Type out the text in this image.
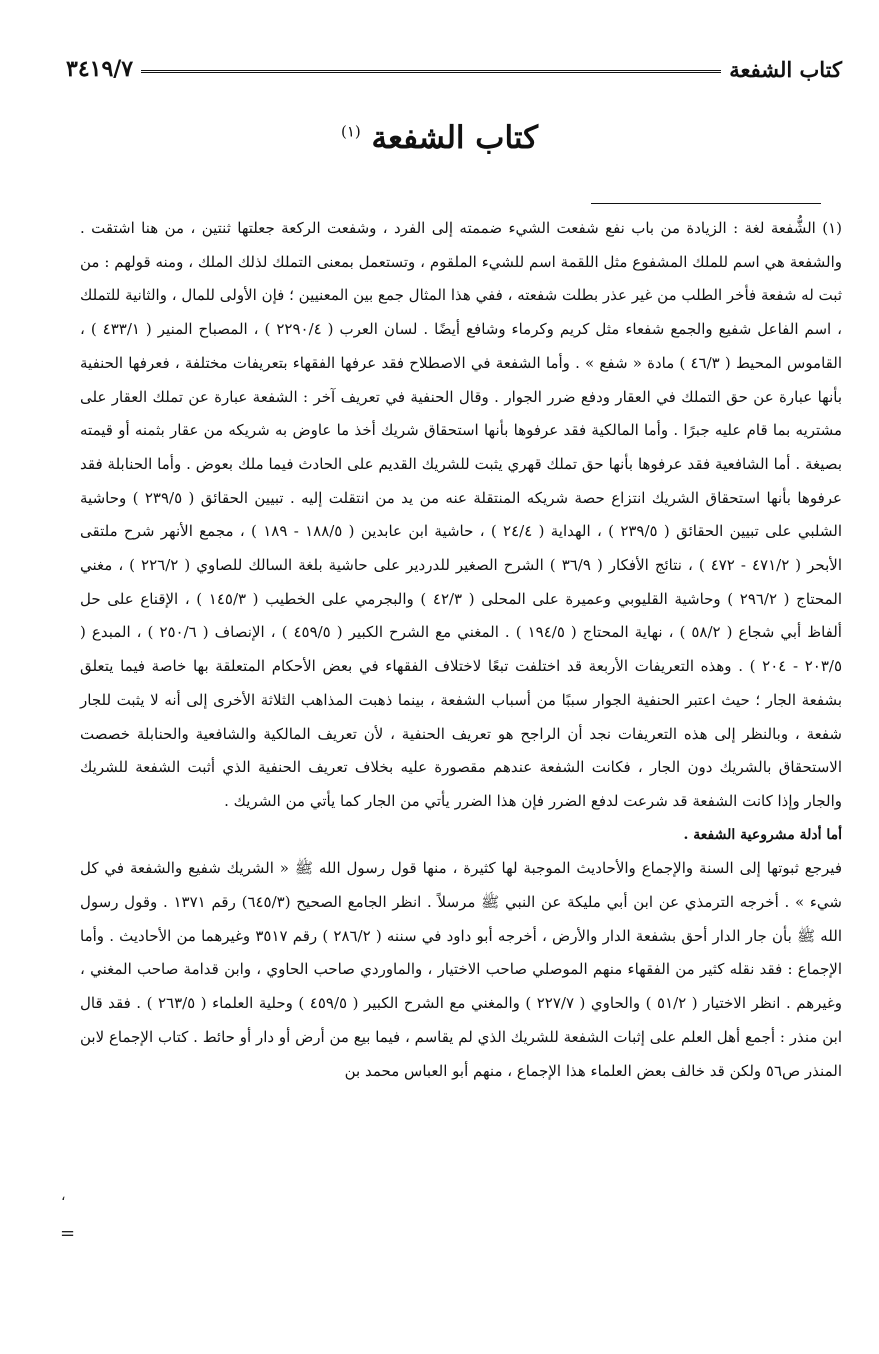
كتاب الشفعة
٣٤١٩/٧
كتاب الشفعة $^{(١)}$

(١) الشُّفعة لغة : الزيادة من باب نفع شفعت الشيء ضممته إلى الفرد ، وشفعت الركعة جعلتها ثنتين ، من هنا اشتقت . والشفعة هي اسم للملك المشفوع مثل اللقمة اسم للشيء الملقوم ، وتستعمل بمعنى التملك لذلك الملك ، ومنه قولهم : من ثبت له شفعة فأخر الطلب من غير عذر بطلت شفعته ، ففي هذا المثال جمع بين المعنيين ؛ فإن الأولى للمال ، والثانية للتملك ، اسم الفاعل شفيع والجمع شفعاء مثل كريم وكرماء وشافع أيضًا . لسان العرب ( ٢٢٩٠/٤ ) ، المصباح المنير ( ٤٣٣/١ ) ، القاموس المحيط ( ٤٦/٣ ) مادة « شفع » . وأما الشفعة في الاصطلاح فقد عرفها الفقهاء بتعريفات مختلفة ، فعرفها الحنفية بأنها عبارة عن حق التملك في العقار ودفع ضرر الجوار . وقال الحنفية في تعريف آخر : الشفعة عبارة عن تملك العقار على مشتريه بما قام عليه جبرًا . وأما المالكية فقد عرفوها بأنها استحقاق شريك أخذ ما عاوض به شريكه من عقار بثمنه أو قيمته بصيغة . أما الشافعية فقد عرفوها بأنها حق تملك قهري يثبت للشريك القديم على الحادث فيما ملك بعوض . وأما الحنابلة فقد عرفوها بأنها استحقاق الشريك انتزاع حصة شريكه المنتقلة عنه من يد من انتقلت إليه . تبيين الحقائق ( ٢٣٩/٥ ) وحاشية الشلبي على تبيين الحقائق ( ٢٣٩/٥ ) ، الهداية ( ٢٤/٤ ) ، حاشية ابن عابدين ( ١٨٨/٥ - ١٨٩ ) ، مجمع الأنهر شرح ملتقى الأبحر ( ٤٧١/٢ - ٤٧٢ ) ، نتائج الأفكار ( ٣٦/٩ ) الشرح الصغير للدردير على حاشية بلغة السالك للصاوي ( ٢٢٦/٢ ) ، مغني المحتاج ( ٢٩٦/٢ ) وحاشية القليوبي وعميرة على المحلى ( ٤٢/٣ ) والبجرمي على الخطيب ( ١٤٥/٣ ) ، الإقناع على حل ألفاظ أبي شجاع ( ٥٨/٢ ) ، نهاية المحتاج ( ١٩٤/٥ ) . المغني مع الشرح الكبير ( ٤٥٩/٥ ) ، الإنصاف ( ٢٥٠/٦ ) ، المبدع ( ٢٠٣/٥ - ٢٠٤ ) . وهذه التعريفات الأربعة قد اختلفت تبعًا لاختلاف الفقهاء في بعض الأحكام المتعلقة بها خاصة فيما يتعلق بشفعة الجار ؛ حيث اعتبر الحنفية الجوار سببًا من أسباب الشفعة ، بينما ذهبت المذاهب الثلاثة الأخرى إلى أنه لا يثبت للجار شفعة ، وبالنظر إلى هذه التعريفات نجد أن الراجح هو تعريف الحنفية ، لأن تعريف المالكية والشافعية والحنابلة خصصت الاستحقاق بالشريك دون الجار ، فكانت الشفعة عندهم مقصورة عليه بخلاف تعريف الحنفية الذي أثبت الشفعة للشريك والجار وإذا كانت الشفعة قد شرعت لدفع الضرر فإن هذا الضرر يأتي من الجار كما يأتي من الشريك .

أما أدلة مشروعية الشفعة .

فيرجع ثبوتها إلى السنة والإجماع والأحاديث الموجبة لها كثيرة ، منها قول رسول الله ﷺ « الشريك شفيع والشفعة في كل شيء » . أخرجه الترمذي عن ابن أبي مليكة عن النبي ﷺ مرسلاً . انظر الجامع الصحيح (٦٤٥/٣) رقم ١٣٧١ . وقول رسول الله ﷺ بأن جار الدار أحق بشفعة الدار والأرض ، أخرجه أبو داود في سننه ( ٢٨٦/٢ ) رقم ٣٥١٧ وغيرهما من الأحاديث . وأما الإجماع : فقد نقله كثير من الفقهاء منهم الموصلي صاحب الاختيار ، والماوردي صاحب الحاوي ، وابن قدامة صاحب المغني ، وغيرهم . انظر الاختيار ( ٥١/٢ ) والحاوي ( ٢٢٧/٧ ) والمغني مع الشرح الكبير ( ٤٥٩/٥ ) وحلية العلماء ( ٢٦٣/٥ ) . فقد قال ابن منذر : أجمع أهل العلم على إثبات الشفعة للشريك الذي لم يقاسم ، فيما بيع من أرض أو دار أو حائط . كتاب الإجماع لابن المنذر ص٥٦ ولكن قد خالف بعض العلماء هذا الإجماع ، منهم أبو العباس محمد بن

،
=
